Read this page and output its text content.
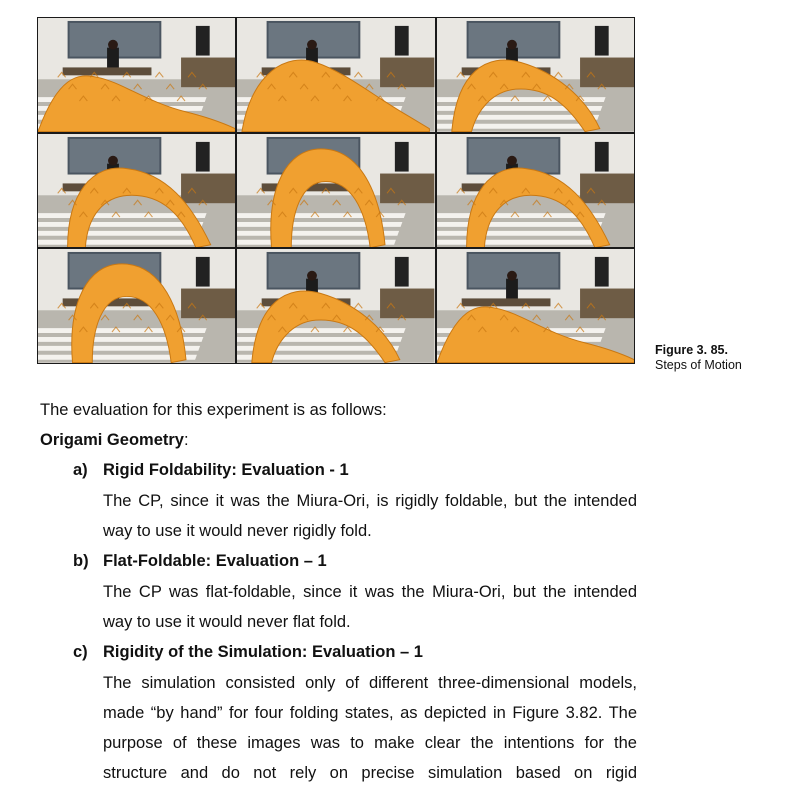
Figure 3. 85.
Steps of Motion
The evaluation for this experiment is as follows:
Origami Geometry:
a) Rigid Foldability: Evaluation - 1
The CP, since it was the Miura-Ori, is rigidly foldable, but the intended
way to use it would never rigidly fold.
b) Flat-Foldable: Evaluation – 1
The CP was flat-foldable, since it was the Miura-Ori, but the intended
way to use it would never flat fold.
c) Rigidity of the Simulation: Evaluation – 1
The simulation consisted only of different three-dimensional models,
made “by hand” for four folding states, as depicted in Figure 3.82. The
purpose of these images was to make clear the intentions for the
structure and do not rely on precise simulation based on rigid
